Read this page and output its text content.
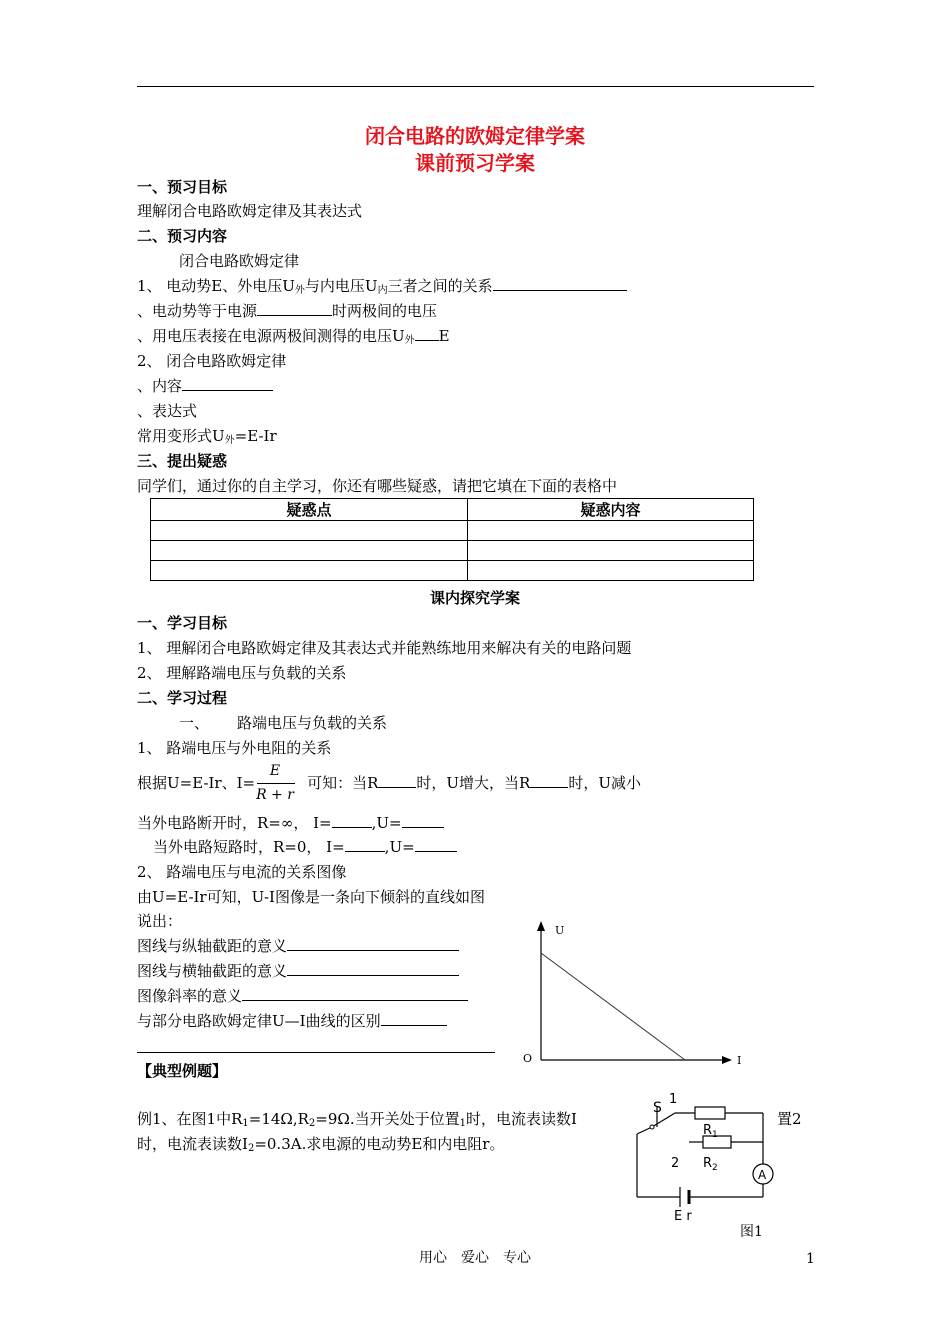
闭合电路的欧姆定律学案
课前预习学案
一、预习目标
理解闭合电路欧姆定律及其表达式
二、预习内容
闭合电路欧姆定律
1、 电动势E、外电压$U_外$与内电压$U_内$三者之间的关系
、电动势等于电源	时两极间的电压
、用电压表接在电源两极间测得的电压$U_外$ E
2、 闭合电路欧姆定律
、内容
、表达式
常用变形式$U_外=E-Ir$
三、提出疑惑
同学们，通过你的自主学习，你还有哪些疑惑，请把它填在下面的表格中
疑惑点	疑惑内容

课内探究学案
一、学习目标
1、 理解闭合电路欧姆定律及其表达式并能熟练地用来解决有关的电路问题
2、 理解路端电压与负载的关系
二、学习过程
一、 路端电压与负载的关系
1、 路端电压与外电阻的关系
根据U=E-Ir、I=	可知：当R	时，U增大，当R	时，U减小
E
R + r
当外电路断开时，R=∞， I=	,U=
当外电路短路时，R=0， I=	,U=
2、 路端电压与电流的关系图像
由U=E-Ir可知，U-I图像是一条向下倾斜的直线如图
说出：
图线与纵轴截距的意义
图线与横轴截距的意义
图像斜率的意义
与部分电路欧姆定律U—I曲线的区别
U
I
O
【典型例题】
例1、在图1中$R_1=14\Omega,R_2=9\Omega$.当开关处于位置$_1$时，电流表读数I	置2
时，电流表读数$I_2=0.3A$.求电源的电动势E和内电阻r。
S
1
2
$R_1$
$R_2$	A
E r
图1
用心　爱心　专心	1
